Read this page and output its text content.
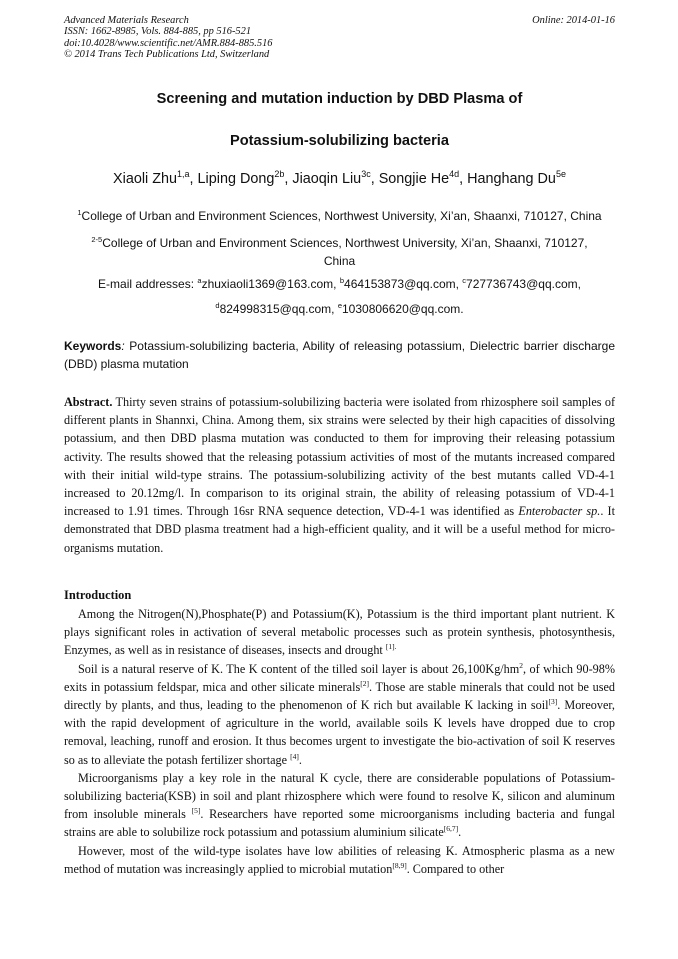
Advanced Materials Research
ISSN: 1662-8985, Vols. 884-885, pp 516-521
doi:10.4028/www.scientific.net/AMR.884-885.516
© 2014 Trans Tech Publications Ltd, Switzerland
Online: 2014-01-16
Screening and mutation induction by DBD Plasma of
Potassium-solubilizing bacteria
Xiaoli Zhu$^{1,a}$, Liping Dong$^{2b}$, Jiaoqin Liu$^{3c}$, Songjie $He^{4d}$, Hanghang $Du^{5e}$
$^1$College of Urban and Environment Sciences, Northwest University, Xi’an, Shaanxi, 710127, China
$^{2-5}$College of Urban and Environment Sciences, Northwest University, Xi’an, Shaanxi, 710127, China
E-mail addresses: $^a$zhuxiaoli1369@163.com, $^b$464153873@qq.com, $^c$727736743@qq.com,
$^d$824998315@qq.com, $^e$1030806620@qq.com.
Keywords: Potassium-solubilizing bacteria, Ability of releasing potassium, Dielectric barrier discharge (DBD) plasma mutation
Abstract. Thirty seven strains of potassium-solubilizing bacteria were isolated from rhizosphere soil samples of different plants in Shannxi, China. Among them, six strains were selected by their high capacities of dissolving potassium, and then DBD plasma mutation was conducted to them for improving their releasing potassium activity. The results showed that the releasing potassium activities of most of the mutants increased compared with their initial wild-type strains. The potassium-solubilizing activity of the best mutants called VD-4-1 increased to 20.12mg/l. In comparison to its original strain, the ability of releasing potassium of VD-4-1 increased to 1.91 times. Through 16sr RNA sequence detection, VD-4-1 was identified as Enterobacter sp.. It demonstrated that DBD plasma treatment had a high-efficient quality, and it will be a useful method for micro-organisms mutation.
Introduction

Among the Nitrogen(N),Phosphate(P) and Potassium(K), Potassium is the third important plant nutrient. K plays significant roles in activation of several metabolic processes such as protein synthesis, photosynthesis, Enzymes, as well as in resistance of diseases, insects and drought $^{[1].}$

Soil is a natural reserve of K. The K content of the tilled soil layer is about 26,100Kg/hm$^2$, of which 90-98% exits in potassium feldspar, mica and other silicate minerals[2]. Those are stable minerals that could not be used directly by plants, and thus, leading to the phenomenon of K rich but available K lacking in soil[3]. Moreover, with the rapid development of agriculture in the world, available soils K levels have dropped due to crop removal, leaching, runoff and erosion. It thus becomes urgent to investigate the bio-activation of soil K reserves so as to alleviate the potash fertilizer shortage [4].

Microorganisms play a key role in the natural K cycle, there are considerable populations of Potassium-solubilizing bacteria(KSB) in soil and plant rhizosphere which were found to resolve K, silicon and aluminum from insoluble minerals [5]. Researchers have reported some microorganisms including bacteria and fungal strains are able to solubilize rock potassium and potassium aluminium silicate[6,7].

However, most of the wild-type isolates have low abilities of releasing K. Atmospheric plasma as a new method of mutation was increasingly applied to microbial mutation[8,9]. Compared to other
